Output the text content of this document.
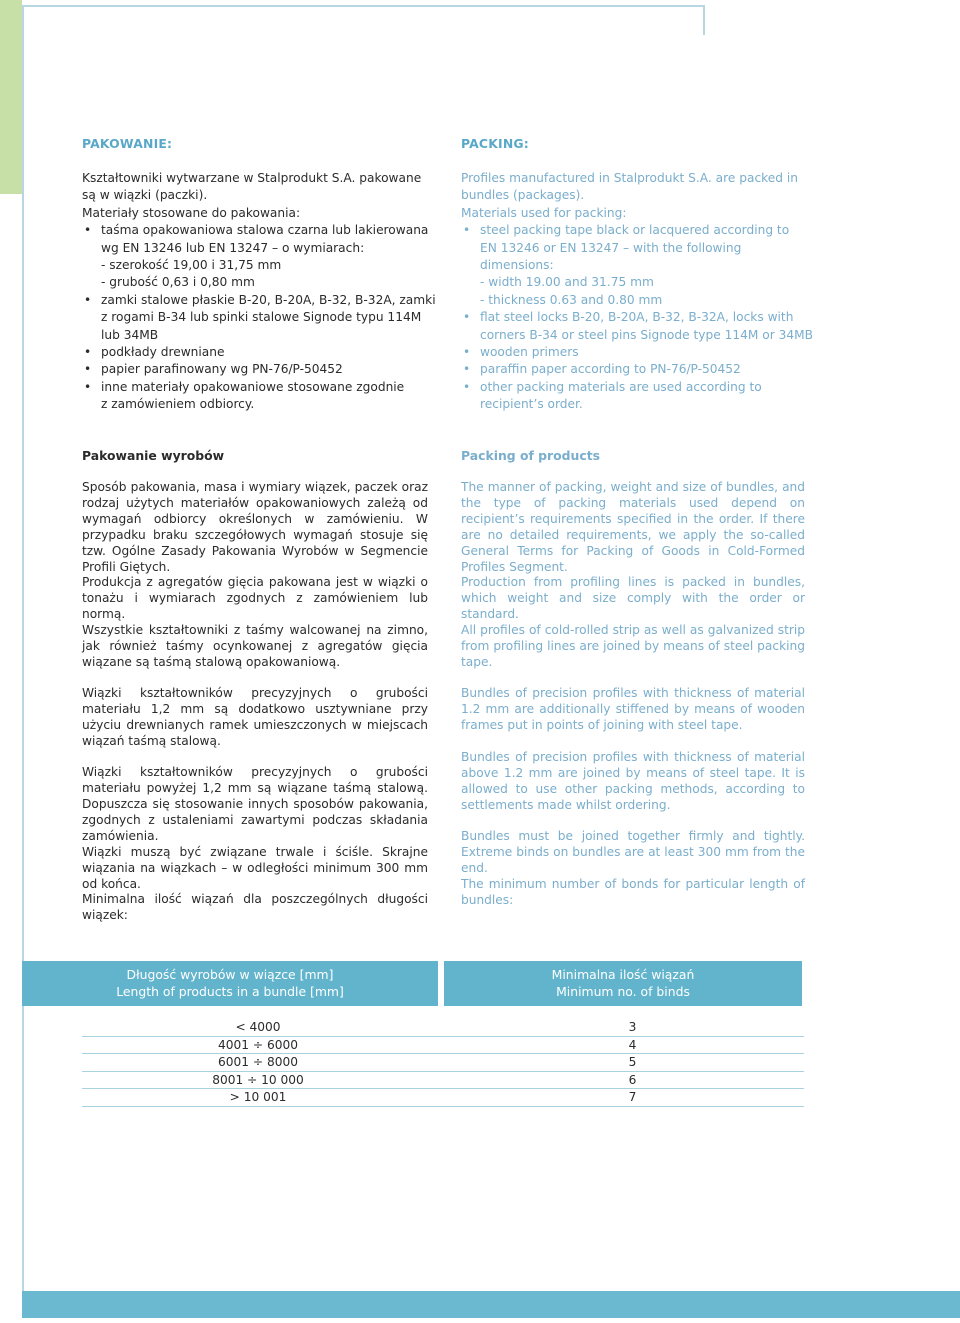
PAKOWANIE:
Kształtowniki wytwarzane w Stalprodukt S.A. pakowane
są w wiązki (paczki).
Materiały stosowane do pakowania:
• taśma opakowaniowa stalowa czarna lub lakierowana
wg EN 13246 lub EN 13247 – o wymiarach:
- szerokość 19,00 i 31,75 mm
- grubość 0,63 i 0,80 mm
• zamki stalowe płaskie B-20, B-20A, B-32, B-32A, zamki
z rogami B-34 lub spinki stalowe Signode typu 114M
lub 34MB
• podkłady drewniane
• papier parafinowany wg PN-76/P-50452
• inne materiały opakowaniowe stosowane zgodnie
z zamówieniem odbiorcy.
PACKING:
Profiles manufactured in Stalprodukt S.A. are packed in
bundles (packages).
Materials used for packing:
• steel packing tape black or lacquered according to
EN 13246 or EN 13247 – with the following
dimensions:
- width 19.00 and 31.75 mm
- thickness 0.63 and 0.80 mm
• flat steel locks B-20, B-20A, B-32, B-32A, locks with
corners B-34 or steel pins Signode type 114M or 34MB
• wooden primers
• paraffin paper according to PN-76/P-50452
• other packing materials are used according to
recipient’s order.
Pakowanie wyrobów	Packing of products
Sposób pakowania, masa i wymiary wiązek, paczek oraz rodzaj użytych materiałów opakowaniowych zależą od wymagań odbiorcy określonych w zamówieniu. W przypadku braku szczegółowych wymagań stosuje się tzw. Ogólne Zasady Pakowania Wyrobów w Segmencie Profili Giętych.
Produkcja z agregatów gięcia pakowana jest w wiązki o tonażu i wymiarach zgodnych z zamówieniem lub normą.
Wszystkie kształtowniki z taśmy walcowanej na zimno, jak również taśmy ocynkowanej z agregatów gięcia wiązane są taśmą stalową opakowaniową.
Wiązki kształtowników precyzyjnych o grubości materiału 1,2 mm są dodatkowo usztywniane przy użyciu drewnianych ramek umieszczonych w miejscach wiązań taśmą stalową.
Wiązki kształtowników precyzyjnych o grubości materiału powyżej 1,2 mm są wiązane taśmą stalową. Dopuszcza się stosowanie innych sposobów pakowania, zgodnych z ustaleniami zawartymi podczas składania zamówienia.
Wiązki muszą być związane trwale i ściśle. Skrajne wiązania na wiązkach – w odległości minimum 300 mm od końca.
Minimalna ilość wiązań dla poszczególnych długości wiązek:
The manner of packing, weight and size of bundles, and the type of packing materials used depend on recipient’s requirements specified in the order. If there are no detailed requirements, we apply the so-called General Terms for Packing of Goods in Cold-Formed Profiles Segment.
Production from profiling lines is packed in bundles, which weight and size comply with the order or standard.
All profiles of cold-rolled strip as well as galvanized strip from profiling lines are joined by means of steel packing tape.
Bundles of precision profiles with thickness of material 1.2 mm are additionally stiffened by means of wooden frames put in points of joining with steel tape.
Bundles of precision profiles with thickness of material above 1.2 mm are joined by means of steel tape. It is allowed to use other packing methods, according to settlements made whilst ordering.
Bundles must be joined together firmly and tightly. Extreme binds on bundles are at least 300 mm from the end.
The minimum number of bonds for particular length of bundles:
Długość wyrobów w wiązce [mm]
Length of products in a bundle [mm]
Minimalna ilość wiązań
Minimum no. of binds
< 4000	3
4001 ÷ 6000	4
6001 ÷ 8000	5
8001 ÷ 10 000	6
> 10 001	7
